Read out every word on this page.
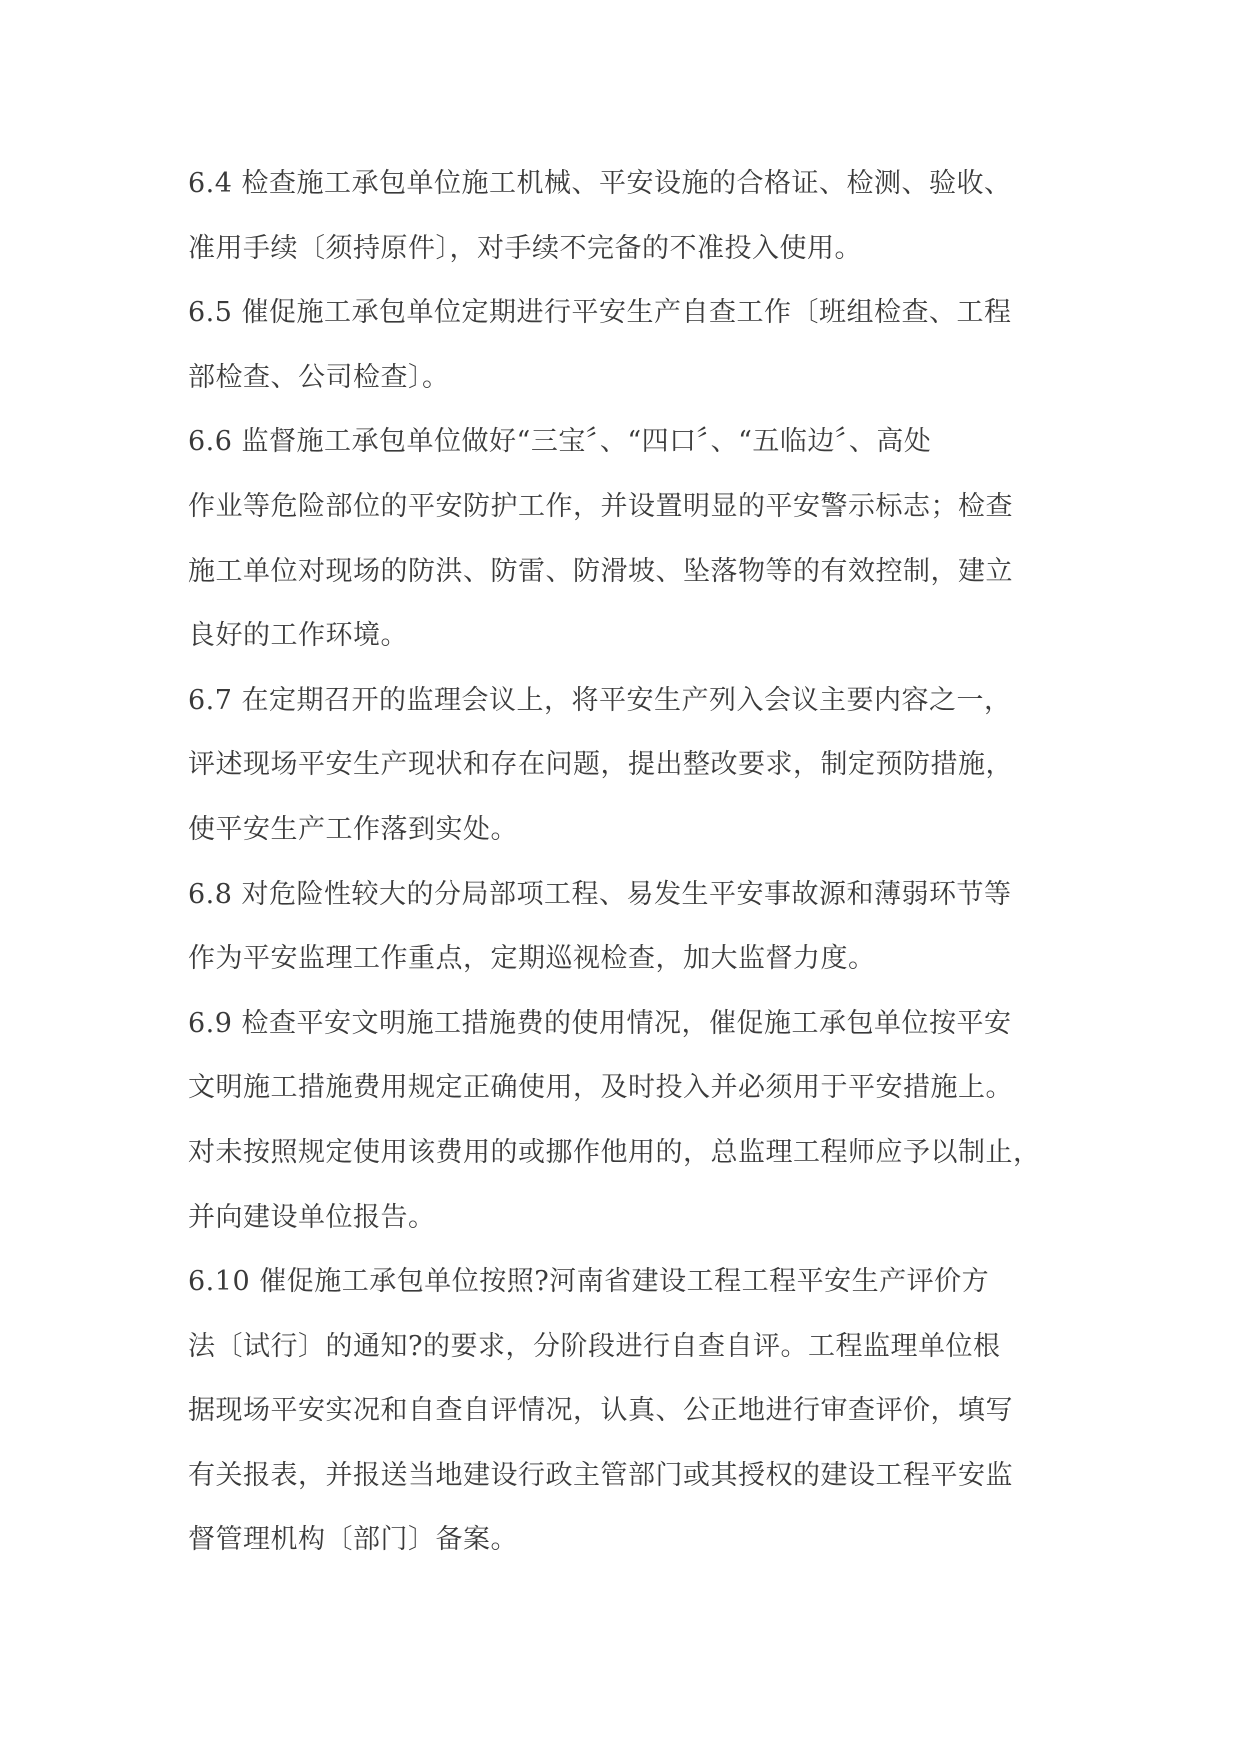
6.4 检查施工承包单位施工机械、平安设施的合格证、检测、验收、
准用手续〔须持原件〕，对手续不完备的不准投入使用。
6.5 催促施工承包单位定期进行平安生产自查工作〔班组检查、工程
部检查、公司检查〕。
6.6 监督施工承包单位做好“三宝〞、“四口〞、“五临边〞、高处
作业等危险部位的平安防护工作，并设置明显的平安警示标志；检查
施工单位对现场的防洪、防雷、防滑坡、坠落物等的有效控制，建立
良好的工作环境。
6.7 在定期召开的监理会议上，将平安生产列入会议主要内容之一，
评述现场平安生产现状和存在问题，提出整改要求，制定预防措施，
使平安生产工作落到实处。
6.8 对危险性较大的分局部项工程、易发生平安事故源和薄弱环节等
作为平安监理工作重点，定期巡视检查，加大监督力度。
6.9 检查平安文明施工措施费的使用情况，催促施工承包单位按平安
文明施工措施费用规定正确使用，及时投入并必须用于平安措施上。
对未按照规定使用该费用的或挪作他用的，总监理工程师应予以制止，
并向建设单位报告。
6.10 催促施工承包单位按照?河南省建设工程工程平安生产评价方
法〔试行〕的通知?的要求，分阶段进行自查自评。工程监理单位根
据现场平安实况和自查自评情况，认真、公正地进行审查评价，填写
有关报表，并报送当地建设行政主管部门或其授权的建设工程平安监
督管理机构〔部门〕备案。
